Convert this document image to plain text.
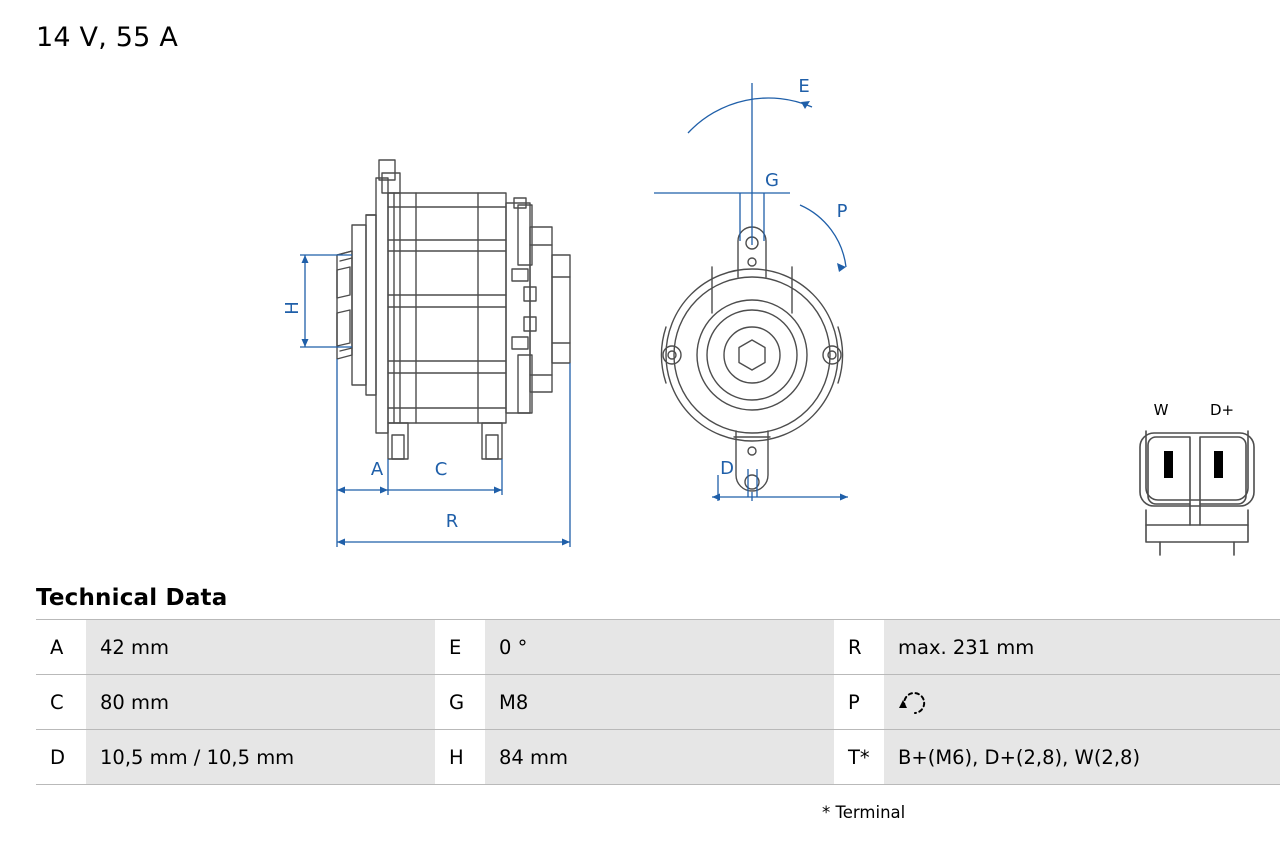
14 V, 55 A
H
A	C
R
E
G
P
D
W	D+
Technical Data
A	42 mm	E	0 °	R	max. 231 mm
C	80 mm	G	M8	P	
D	10,5 mm / 10,5 mm	H	84 mm	T*	B+(M6), D+(2,8), W(2,8)
* Terminal
